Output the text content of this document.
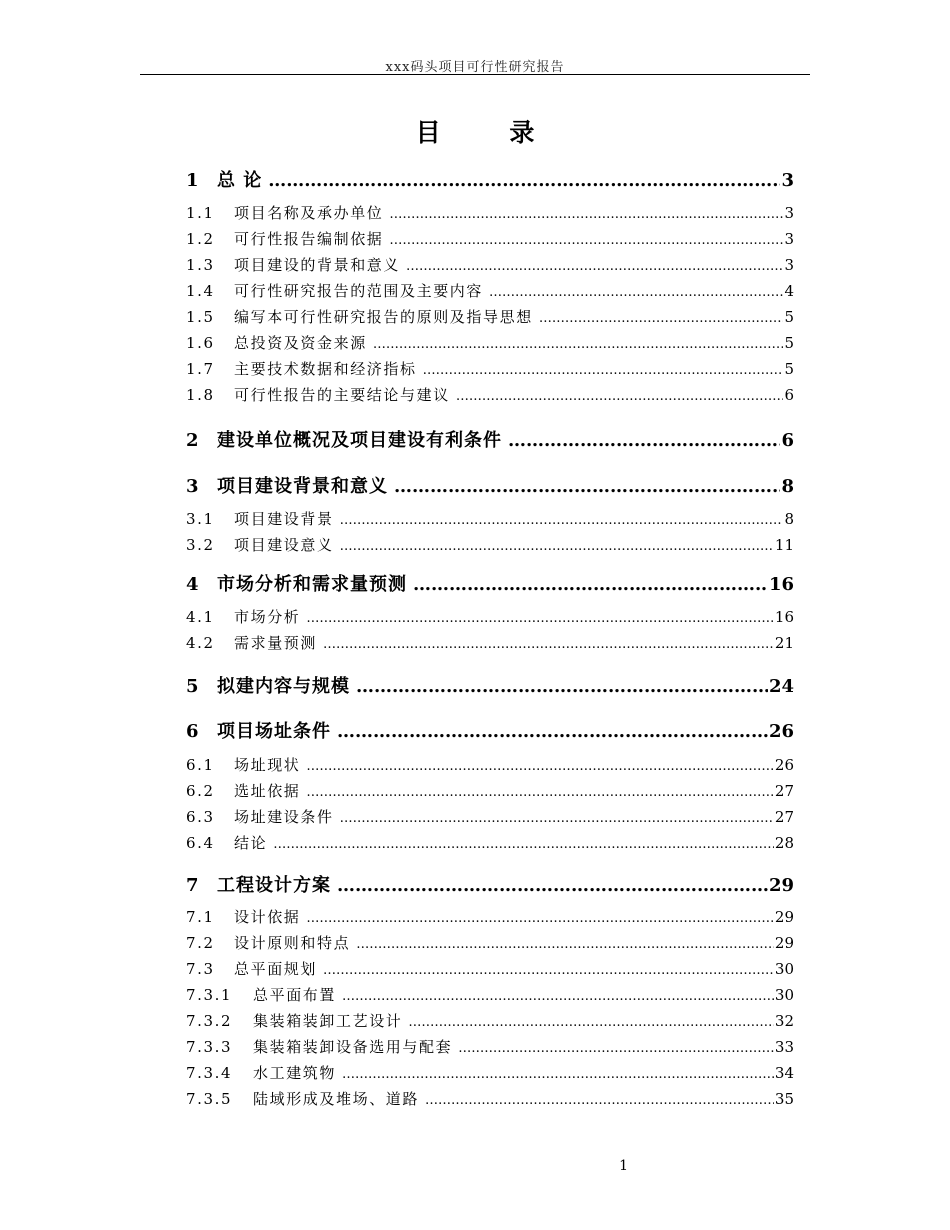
xxx码头项目可行性研究报告
目 录
1	总 论 …………………………………………………………………………………………………………………………………………………………………………………………	3
1.1	项目名称及承办单位 …………………………………………………………………………………………………………………………………………………………………………………………	3
1.2	可行性报告编制依据 …………………………………………………………………………………………………………………………………………………………………………………………	3
1.3	项目建设的背景和意义 …………………………………………………………………………………………………………………………………………………………………………………………	3
1.4	可行性研究报告的范围及主要内容 …………………………………………………………………………………………………………………………………………………………………………………………	4
1.5	编写本可行性研究报告的原则及指导思想 …………………………………………………………………………………………………………………………………………………………………………………………	5
1.6	总投资及资金来源 …………………………………………………………………………………………………………………………………………………………………………………………	5
1.7	主要技术数据和经济指标 …………………………………………………………………………………………………………………………………………………………………………………………	5
1.8	可行性报告的主要结论与建议 …………………………………………………………………………………………………………………………………………………………………………………………	6
2	建设单位概况及项目建设有利条件 …………………………………………………………………………………………………………………………………………………………………………………………	6
3	项目建设背景和意义 …………………………………………………………………………………………………………………………………………………………………………………………	8
3.1	项目建设背景 …………………………………………………………………………………………………………………………………………………………………………………………	8
3.2	项目建设意义 …………………………………………………………………………………………………………………………………………………………………………………………	11
4	市场分析和需求量预测 …………………………………………………………………………………………………………………………………………………………………………………………	16
4.1	市场分析 …………………………………………………………………………………………………………………………………………………………………………………………	16
4.2	需求量预测 …………………………………………………………………………………………………………………………………………………………………………………………	21
5	拟建内容与规模 …………………………………………………………………………………………………………………………………………………………………………………………	24
6	项目场址条件 …………………………………………………………………………………………………………………………………………………………………………………………	26
6.1	场址现状 …………………………………………………………………………………………………………………………………………………………………………………………	26
6.2	选址依据 …………………………………………………………………………………………………………………………………………………………………………………………	27
6.3	场址建设条件 …………………………………………………………………………………………………………………………………………………………………………………………	27
6.4	结论 …………………………………………………………………………………………………………………………………………………………………………………………	28
7	工程设计方案 …………………………………………………………………………………………………………………………………………………………………………………………	29
7.1	设计依据 …………………………………………………………………………………………………………………………………………………………………………………………	29
7.2	设计原则和特点 …………………………………………………………………………………………………………………………………………………………………………………………	29
7.3	总平面规划 …………………………………………………………………………………………………………………………………………………………………………………………	30
7.3.1	总平面布置 …………………………………………………………………………………………………………………………………………………………………………………………	30
7.3.2	集装箱装卸工艺设计 …………………………………………………………………………………………………………………………………………………………………………………………	32
7.3.3	集装箱装卸设备选用与配套 …………………………………………………………………………………………………………………………………………………………………………………………	33
7.3.4	水工建筑物 …………………………………………………………………………………………………………………………………………………………………………………………	34
7.3.5	陆域形成及堆场、道路 …………………………………………………………………………………………………………………………………………………………………………………………	35
1
